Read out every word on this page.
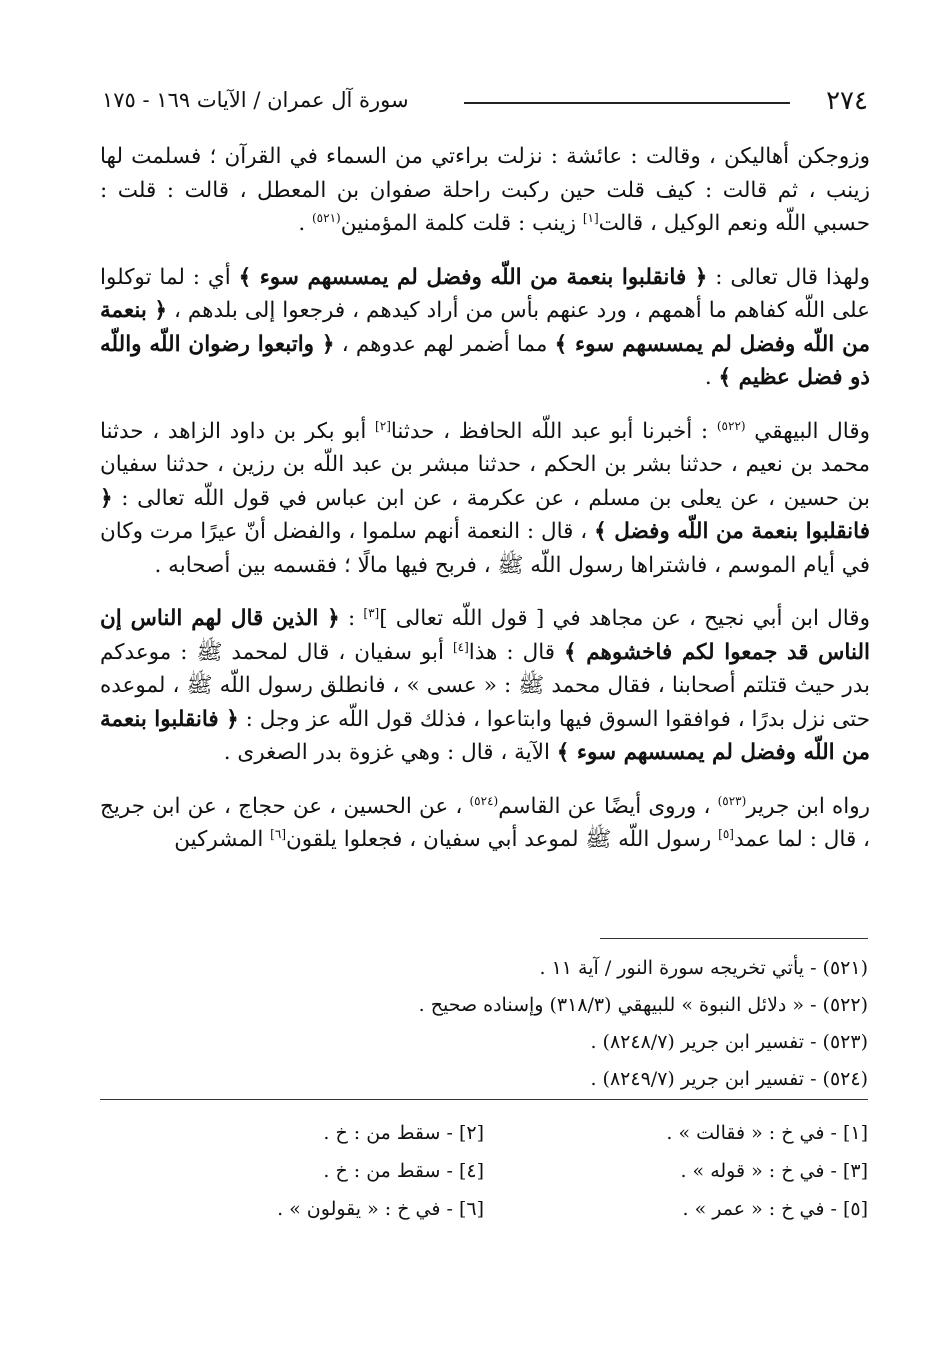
٢٧٤
سورة آل عمران / الآيات ١٦٩ - ١٧٥

وزوجكن أهاليكن ، وقالت : عائشة : نزلت براءتي من السماء في القرآن ؛ فسلمت لها زينب ، ثم قالت : كيف قلت حين ركبت راحلة صفوان بن المعطل ، قالت : قلت : حسبي اللّه ونعم الوكيل ، قالت[١] زينب : قلت كلمة المؤمنين$^{(٥٢١)}$ .

ولهذا قال تعالى : ﴿ فانقلبوا بنعمة من اللّه وفضل لم يمسسهم سوء ﴾ أي : لما توكلوا على اللّه كفاهم ما أهمهم ، ورد عنهم بأس من أراد كيدهم ، فرجعوا إلى بلدهم ، ﴿ بنعمة من اللّه وفضل لم يمسسهم سوء ﴾ مما أضمر لهم عدوهم ، ﴿ واتبعوا رضوان اللّه واللّه ذو فضل عظيم ﴾ .

وقال البيهقي $^{(٥٢٢)}$ : أخبرنا أبو عبد اللّه الحافظ ، حدثنا[٢] أبو بكر بن داود الزاهد ، حدثنا محمد بن نعيم ، حدثنا بشر بن الحكم ، حدثنا مبشر بن عبد اللّه بن رزين ، حدثنا سفيان بن حسين ، عن يعلى بن مسلم ، عن عكرمة ، عن ابن عباس في قول اللّه تعالى : ﴿ فانقلبوا بنعمة من اللّه وفضل ﴾ ، قال : النعمة أنهم سلموا ، والفضل أنّ عيرًا مرت وكان في أيام الموسم ، فاشتراها رسول اللّه ﷺ ، فربح فيها مالًا ؛ فقسمه بين أصحابه .

وقال ابن أبي نجيح ، عن مجاهد في [ قول اللّه تعالى ][٣] : ﴿ الذين قال لهم الناس إن الناس قد جمعوا لكم فاخشوهم ﴾ قال : هذا[٤] أبو سفيان ، قال لمحمد ﷺ : موعدكم بدر حيث قتلتم أصحابنا ، فقال محمد ﷺ : « عسى » ، فانطلق رسول اللّه ﷺ ، لموعده حتى نزل بدرًا ، فوافقوا السوق فيها وابتاعوا ، فذلك قول اللّه عز وجل : ﴿ فانقلبوا بنعمة من اللّه وفضل لم يمسسهم سوء ﴾ الآية ، قال : وهي غزوة بدر الصغرى .

رواه ابن جرير$^{(٥٢٣)}$ ، وروى أيضًا عن القاسم$^{(٥٢٤)}$ ، عن الحسين ، عن حجاج ، عن ابن جريج ، قال : لما عمد[٥] رسول اللّه ﷺ لموعد أبي سفيان ، فجعلوا يلقون[٦] المشركين

(٥٢١) - يأتي تخريجه سورة النور / آية ١١ .
(٥٢٢) - « دلائل النبوة » للبيهقي (٣١٨/٣) وإسناده صحيح .
(٥٢٣) - تفسير ابن جرير (٨٢٤٨/٧) .
(٥٢٤) - تفسير ابن جرير (٨٢٤٩/٧) .
[١] - في خ : « فقالت » .
[٢] - سقط من : خ .
[٣] - في خ : « قوله » .
[٤] - سقط من : خ .
[٥] - في خ : « عمر » .
[٦] - في خ : « يقولون » .
